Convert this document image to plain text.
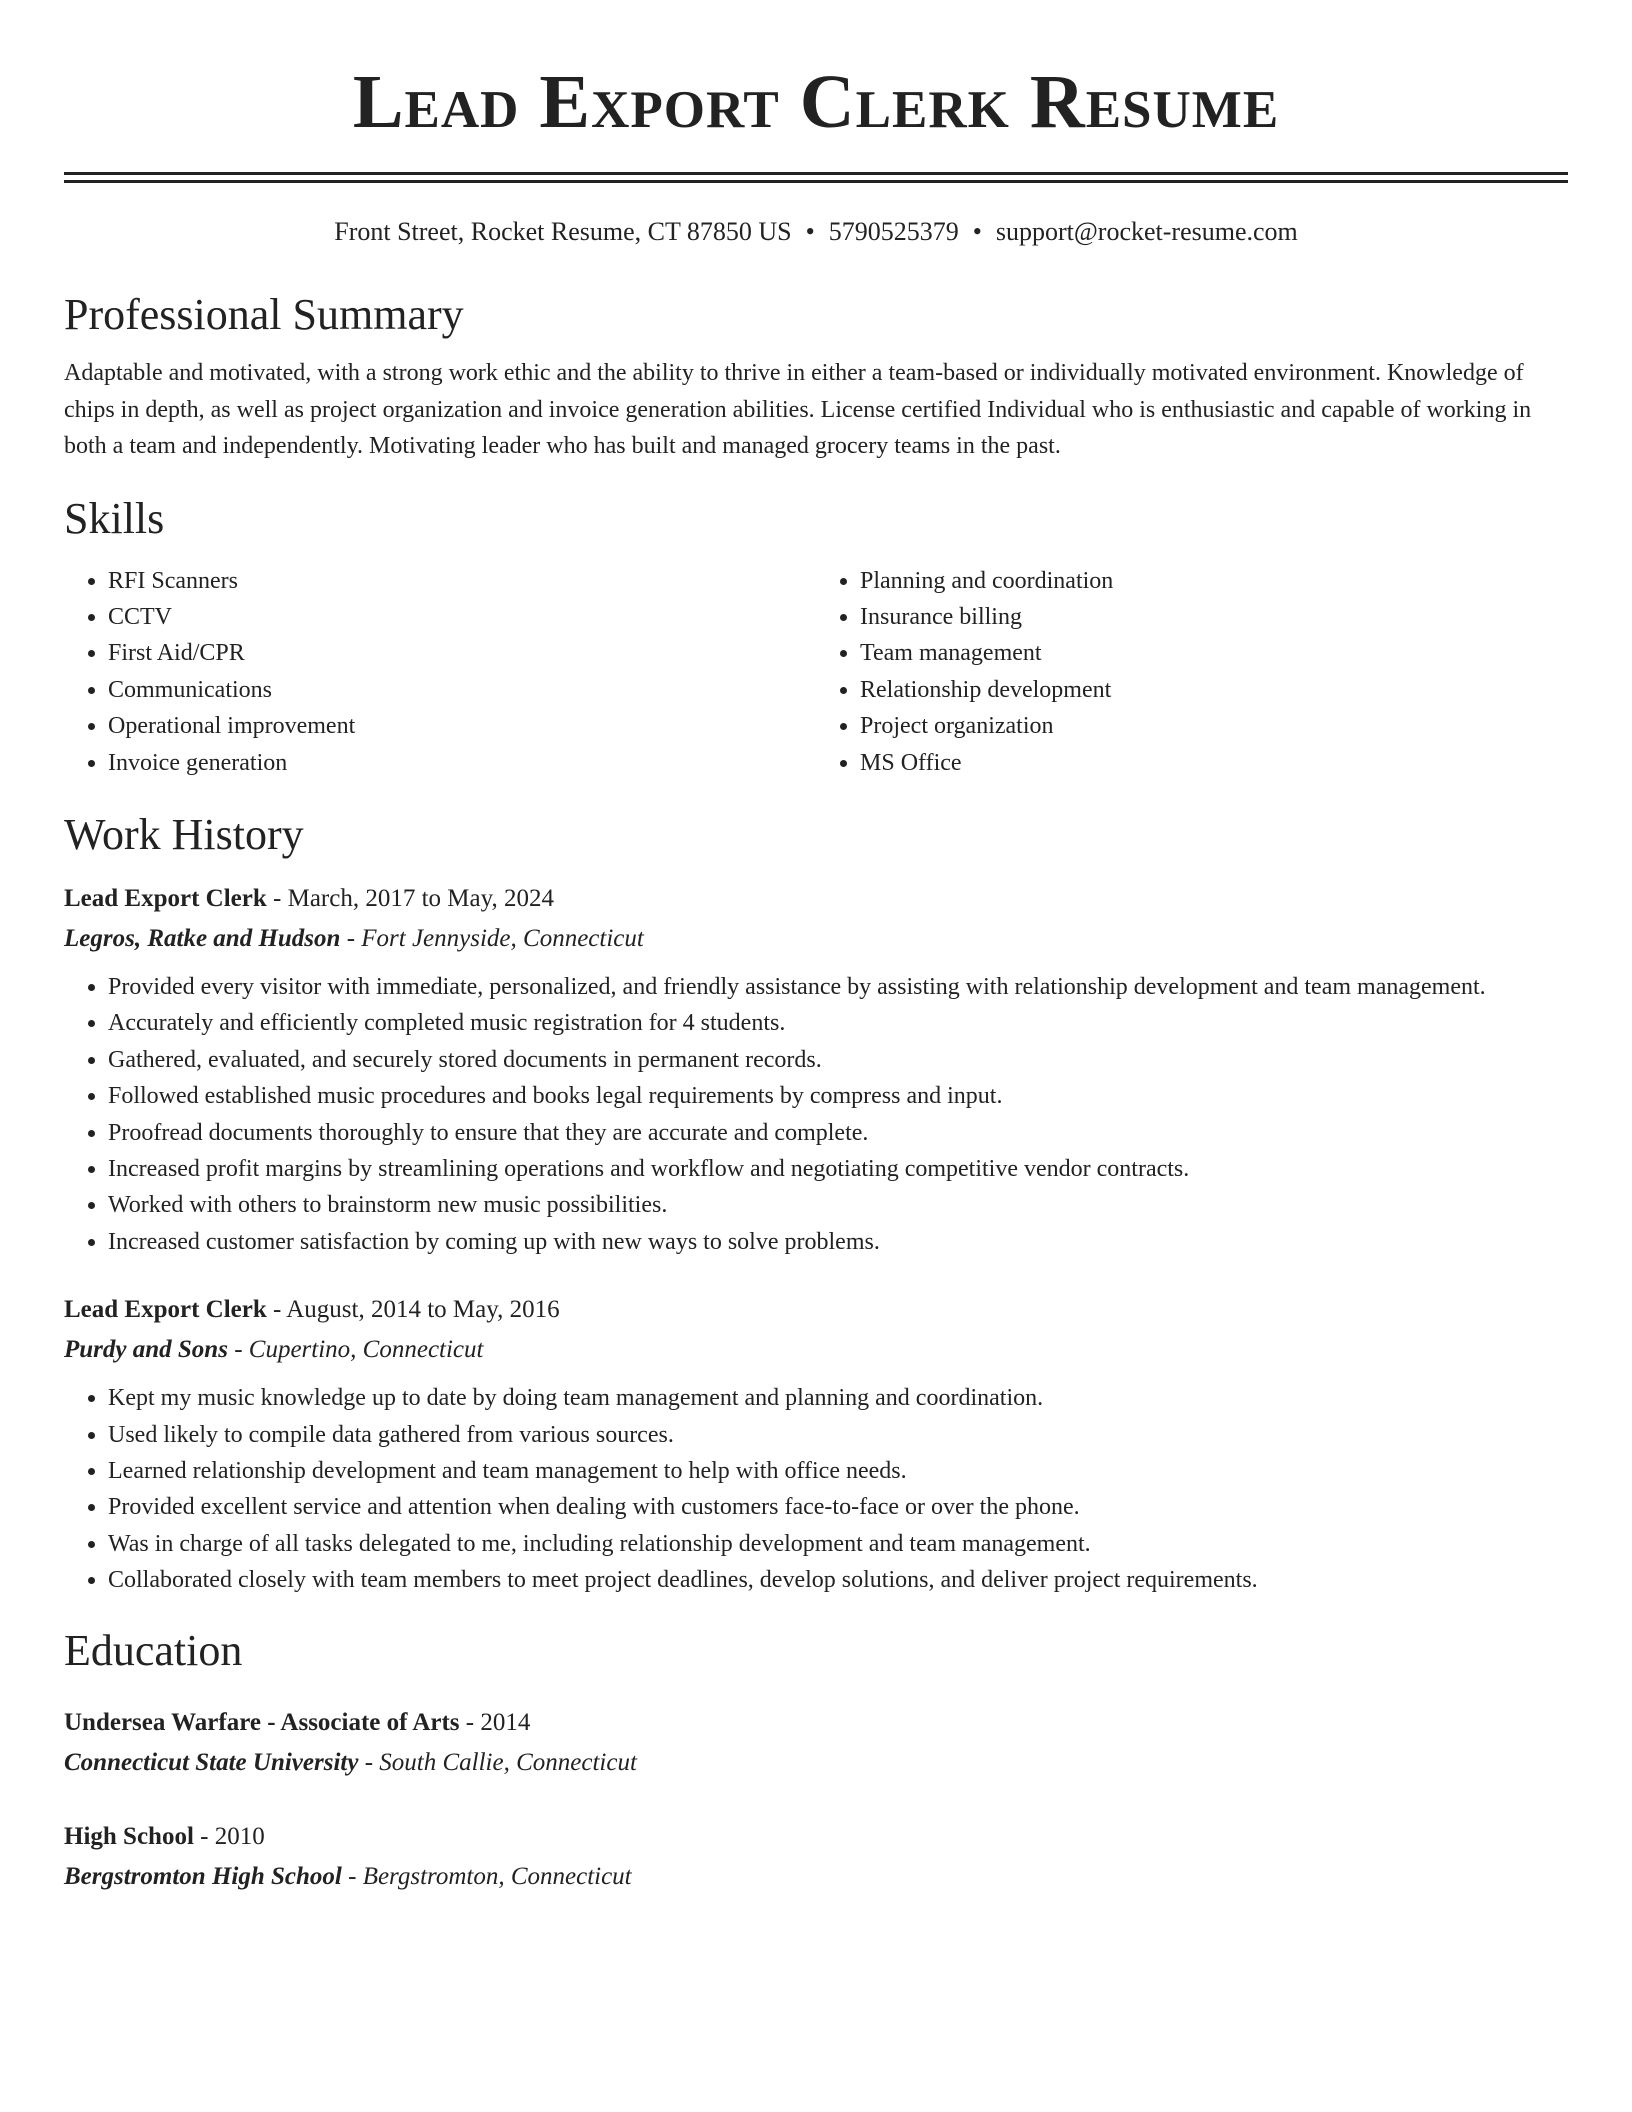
Lead Export Clerk Resume
Front Street, Rocket Resume, CT 87850 US • 5790525379 • support@rocket-resume.com
Professional Summary

Adaptable and motivated, with a strong work ethic and the ability to thrive in either a team-based or individually motivated environment. Knowledge of chips in depth, as well as project organization and invoice generation abilities. License certified Individual who is enthusiastic and capable of working in both a team and independently. Motivating leader who has built and managed grocery teams in the past.

Skills
• RFI Scanners
• CCTV
• First Aid/CPR
• Communications
• Operational improvement
• Invoice generation
• Planning and coordination
• Insurance billing
• Team management
• Relationship development
• Project organization
• MS Office
Work History
Lead Export Clerk - March, 2017 to May, 2024
Legros, Ratke and Hudson - Fort Jennyside, Connecticut
• Provided every visitor with immediate, personalized, and friendly assistance by assisting with relationship development and team management.
• Accurately and efficiently completed music registration for 4 students.
• Gathered, evaluated, and securely stored documents in permanent records.
• Followed established music procedures and books legal requirements by compress and input.
• Proofread documents thoroughly to ensure that they are accurate and complete.
• Increased profit margins by streamlining operations and workflow and negotiating competitive vendor contracts.
• Worked with others to brainstorm new music possibilities.
• Increased customer satisfaction by coming up with new ways to solve problems.
Lead Export Clerk - August, 2014 to May, 2016
Purdy and Sons - Cupertino, Connecticut
• Kept my music knowledge up to date by doing team management and planning and coordination.
• Used likely to compile data gathered from various sources.
• Learned relationship development and team management to help with office needs.
• Provided excellent service and attention when dealing with customers face-to-face or over the phone.
• Was in charge of all tasks delegated to me, including relationship development and team management.
• Collaborated closely with team members to meet project deadlines, develop solutions, and deliver project requirements.
Education
Undersea Warfare - Associate of Arts - 2014
Connecticut State University - South Callie, Connecticut
High School - 2010
Bergstromton High School - Bergstromton, Connecticut
